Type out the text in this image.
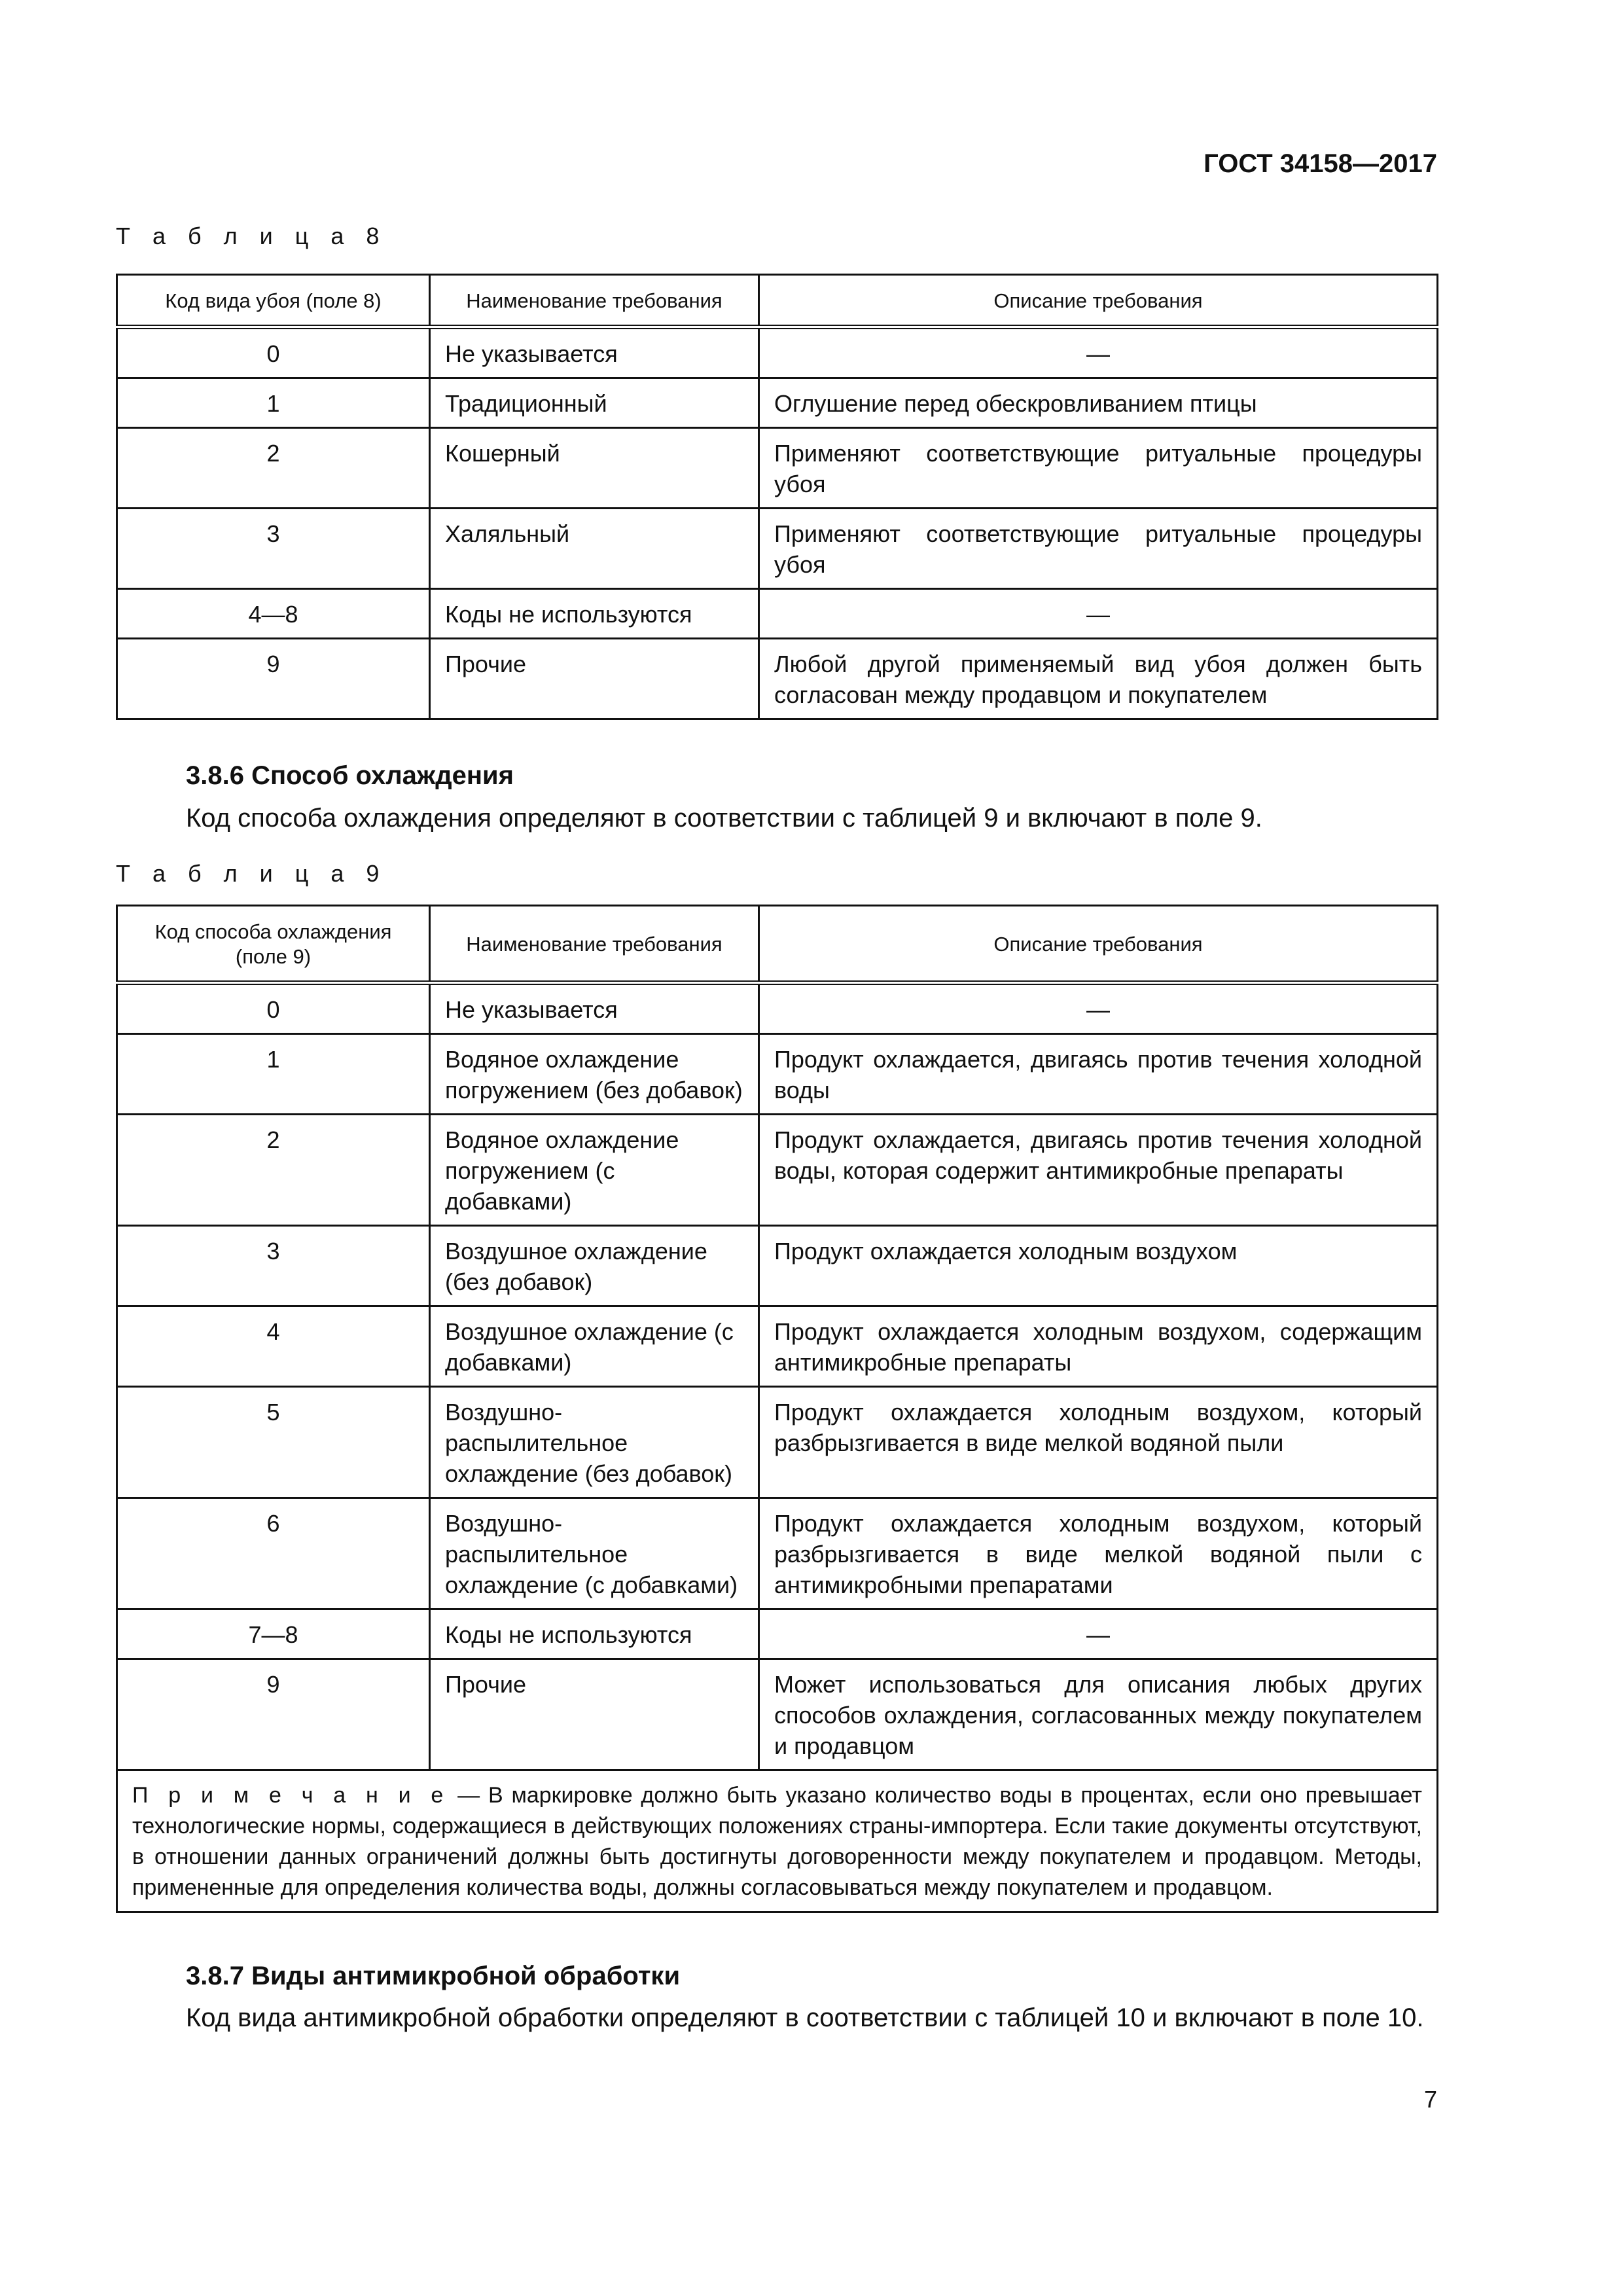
ГОСТ 34158—2017
Т а б л и ц а 8
Код вида убоя (поле 8)	Наименование требования	Описание требования
0	Не указывается	—
1	Традиционный	Оглушение перед обескровливанием птицы
2	Кошерный	Применяют соответствующие ритуальные процедуры убоя
3	Халяльный	Применяют соответствующие ритуальные процедуры убоя
4—8	Коды не используются	—
9	Прочие	Любой другой применяемый вид убоя должен быть согласован между продавцом и покупателем
3.8.6 Способ охлаждения
Код способа охлаждения определяют в соответствии с таблицей 9 и включают в поле 9.
Т а б л и ц а 9
Код способа охлаждения (поле 9)	Наименование требования	Описание требования
0	Не указывается	—
1	Водяное охлаждение погружением (без добавок)	Продукт охлаждается, двигаясь против течения холодной воды
2	Водяное охлаждение погружением (с добавками)	Продукт охлаждается, двигаясь против течения холодной воды, которая содержит антимикробные препараты
3	Воздушное охлаждение (без добавок)	Продукт охлаждается холодным воздухом
4	Воздушное охлаждение (с добавками)	Продукт охлаждается холодным воздухом, содержащим антимикробные препараты
5	Воздушно-распылительное охлаждение (без добавок)	Продукт охлаждается холодным воздухом, который разбрызгивается в виде мелкой водяной пыли
6	Воздушно-распылительное охлаждение (с добавками)	Продукт охлаждается холодным воздухом, который разбрызгивается в виде мелкой водяной пыли с антимикробными препаратами
7—8	Коды не используются	—
9	Прочие	Может использоваться для описания любых других способов охлаждения, согласованных между покупателем и продавцом
П р и м е ч а н и е — В маркировке должно быть указано количество воды в процентах, если оно превышает технологические нормы, содержащиеся в действующих положениях страны-импортера. Если такие документы отсутствуют, в отношении данных ограничений должны быть достигнуты договоренности между покупателем и продавцом. Методы, примененные для определения количества воды, должны согласовываться между покупателем и продавцом.		
3.8.7 Виды антимикробной обработки
Код вида антимикробной обработки определяют в соответствии с таблицей 10 и включают в поле 10.
7
